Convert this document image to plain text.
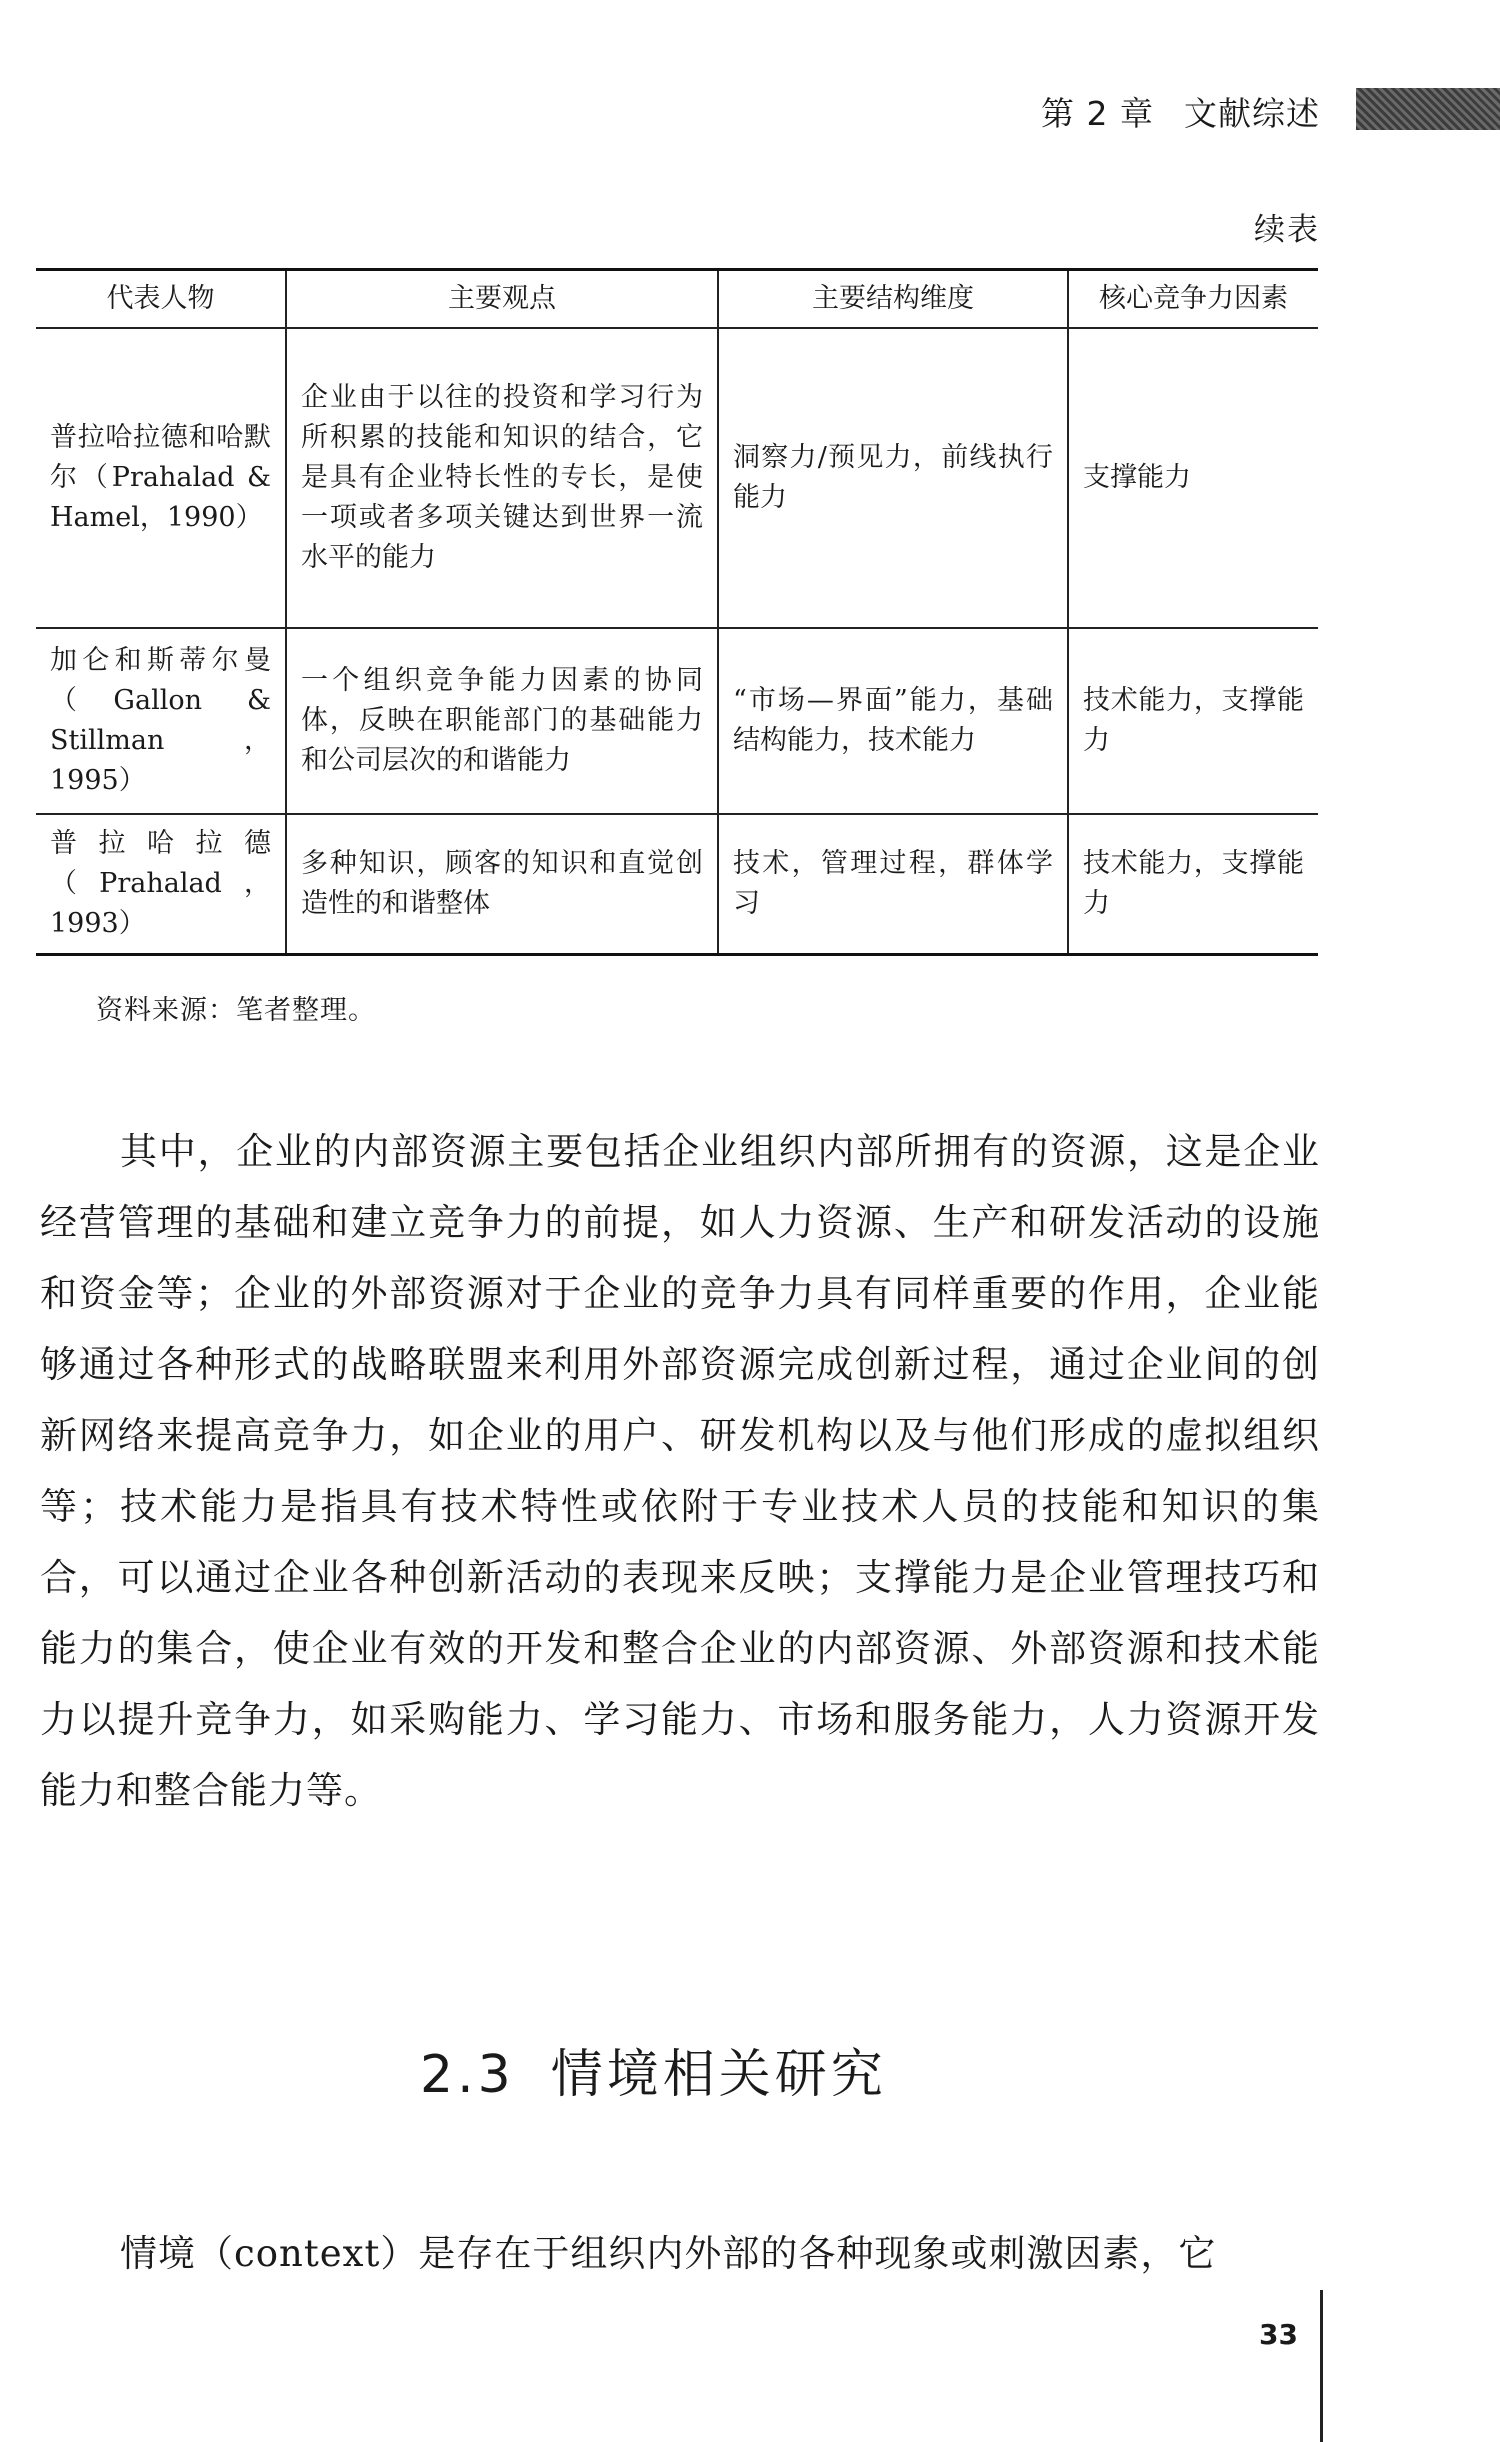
第 2 章 文献综述
续表
代表人物	主要观点	主要结构维度	核心竞争力因素
普拉哈拉德和哈默尔（Prahalad & Hamel，1990）	企业由于以往的投资和学习行为所积累的技能和知识的结合，它是具有企业特长性的专长，是使一项或者多项关键达到世界一流水平的能力	洞察力/预见力，前线执行能力	支撑能力
加仑和斯蒂尔曼（Gallon & Stillman，1995）	一个组织竞争能力因素的协同体，反映在职能部门的基础能力和公司层次的和谐能力	“市场—界面”能力，基础结构能力，技术能力	技术能力，支撑能力
普拉哈拉德（Prahalad，1993）	多种知识，顾客的知识和直觉创造性的和谐整体	技术，管理过程，群体学习	技术能力，支撑能力
资料来源：笔者整理。

其中，企业的内部资源主要包括企业组织内部所拥有的资源，这是企业经营管理的基础和建立竞争力的前提，如人力资源、生产和研发活动的设施和资金等；企业的外部资源对于企业的竞争力具有同样重要的作用，企业能够通过各种形式的战略联盟来利用外部资源完成创新过程，通过企业间的创新网络来提高竞争力，如企业的用户、研发机构以及与他们形成的虚拟组织等；技术能力是指具有技术特性或依附于专业技术人员的技能和知识的集合，可以通过企业各种创新活动的表现来反映；支撑能力是企业管理技巧和能力的集合，使企业有效的开发和整合企业的内部资源、外部资源和技术能力以提升竞争力，如采购能力、学习能力、市场和服务能力，人力资源开发能力和整合能力等。

2.3 情境相关研究

情境（context）是存在于组织内外部的各种现象或刺激因素，它

33
